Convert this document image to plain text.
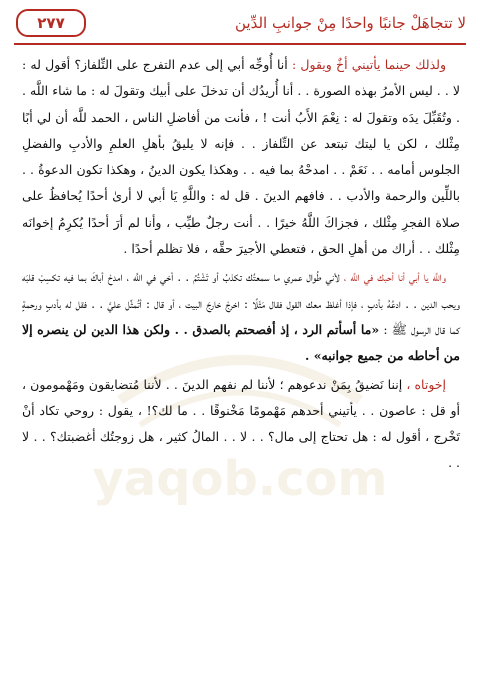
لا تتجاهَلْ جانبًا واحدًا مِنْ جوانبِ الدِّين
٢٧٧
yaqob.com

ولذلك حينما يأتيني أخٌ ويقول : أنا أُوجِّه أبي إلى عدم التفرج على التِّلفاز؟ أقول له : لا . . ليس الأمرُ بهذه الصورة . . أنا أُريدُك أن تدخلَ على أبيك وتقولَ له : ما شاء اللَّه . . وتُقَبِّلَ يدَه وتقولَ له : نِعْمَ الأَبُ أنت ! ، فأنت من أفاضلِ الناس ، الحمد للَّه أن لي أبًا مِثْلك ، لكن يا ليتك تبتعد عن التِّلفاز . . فإنه لا يليقُ بأهلِ العلمِ والأدبِ والفضلِ الجلوس أمامه . . نَعَمْ . . امدحْهُ بما فيه . . وهكذا يكون الدينُ ، وهكذا تكون الدعوةُ . . باللِّين والرحمة والأدب . . فافهم الدينَ . قل له : واللَّهِ يَا أبي لا أرىٰ أحدًا يُحافظُ على صلاة الفجرِ مِثْلك ، فجزاكَ اللَّهُ خيرًا . . أنت رجلٌ طيِّب ، وأنا لم أرَ أحدًا يُكرِمُ إخوانَه مِثْلك . . أراك من أهلِ الحق ، فتعطي الأجيرَ حقَّه ، فلا تظلم أحدًا .

واللَّه يا أبي أنا أحبك في اللَّه ، لأني طُوال عمري ما سمعتُك تكذبُ أو تَشْتُمُ . . أخي في اللَّه ، امدحْ أباكَ بما فيه تكسِبْ قلبَه ويحب الدين . . ادعُهُ بأدبٍ ، فإذا أغلظ معك القول فقال مَثَلًا : اخرجْ خارجَ البيت ، أو قال : أتُمثِّل عليَّ . . فقل له بأدبٍ ورحمةٍ كما قال الرسول ﷺ : «ما أسأتم الرد ، إذ أفصحتم بالصدق . . ولكن هذا الدين لن ينصره إلا من أحاطه من جميع جوانبه» .

إخوتاه ، إننا نَضيقُ بِمَنْ ندعوهم ؛ لأننا لم نفهم الدينَ . . لأننا مُتضايقون ومَهْمومون ، أو قل : عاصون . . يأتيني أحدهم مَهْمومًا مَخْنوقًا . . ما لك؟! ، يقول : روحي تكاد أنْ تَخْرج ، أقول له : هل تحتاج إلى مال؟ . . لا . . المالُ كثير ، هل زوجتُك أغضبتك؟ . . لا . .
